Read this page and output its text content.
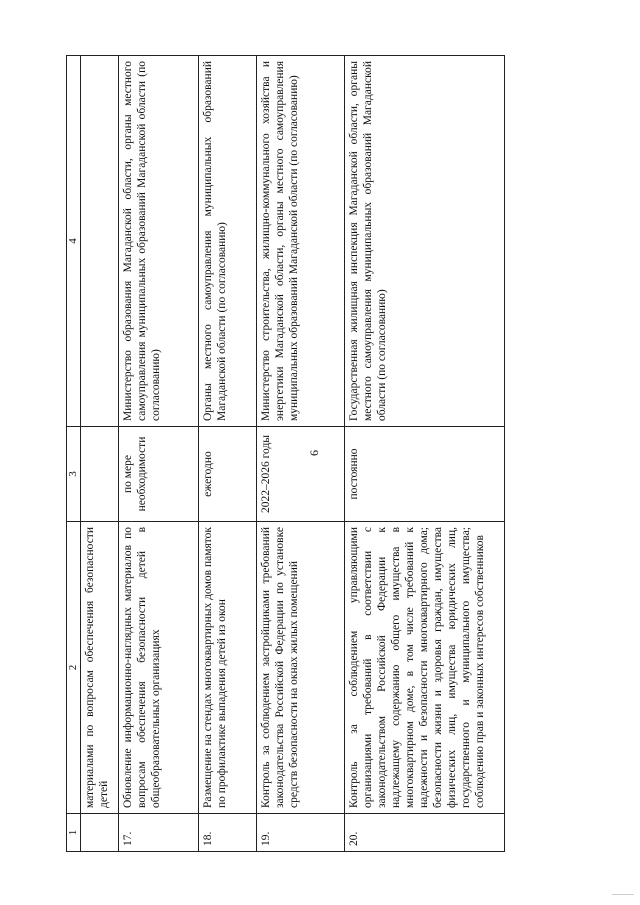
6
1	2	3	4
	материалами по вопросам обеспечения безопасности детей		
17.	Обновление информационно-наглядных материалов по вопросам обеспечения безопасности детей в общеобразовательных организациях	по мере необходимости	Министерство образования Магаданской области, органы местного самоуправления муниципальных образований Магаданской области (по согласованию)
18.	Размещение на стендах многоквартирных домов памяток по профилактике выпадения детей из окон	ежегодно	Органы местного самоуправления муниципальных образований Магаданской области (по согласованию)
19.	Контроль за соблюдением застройщиками требований законодательства Российской Федерации по установке средств безопасности на окнах жилых помещений	2022–2026 годы	Министерство строительства, жилищно-коммунального хозяйства и энергетики Магаданской области, органы местного самоуправления муниципальных образований Магаданской области (по согласованию)
20.	Контроль за соблюдением управляющими организациями требований в соответствии с законодательством Российской Федерации к надлежащему содержанию общего имущества в многоквартирном доме, в том числе требований к надежности и безопасности многоквартирного дома; безопасности жизни и здоровья граждан, имущества физических лиц, имущества юридических лиц, государственного и муниципального имущества; соблюдению прав и законных интересов собственников	постоянно	Государственная жилищная инспекция Магаданской области, органы местного самоуправления муниципальных образований Магаданской области (по согласованию)
